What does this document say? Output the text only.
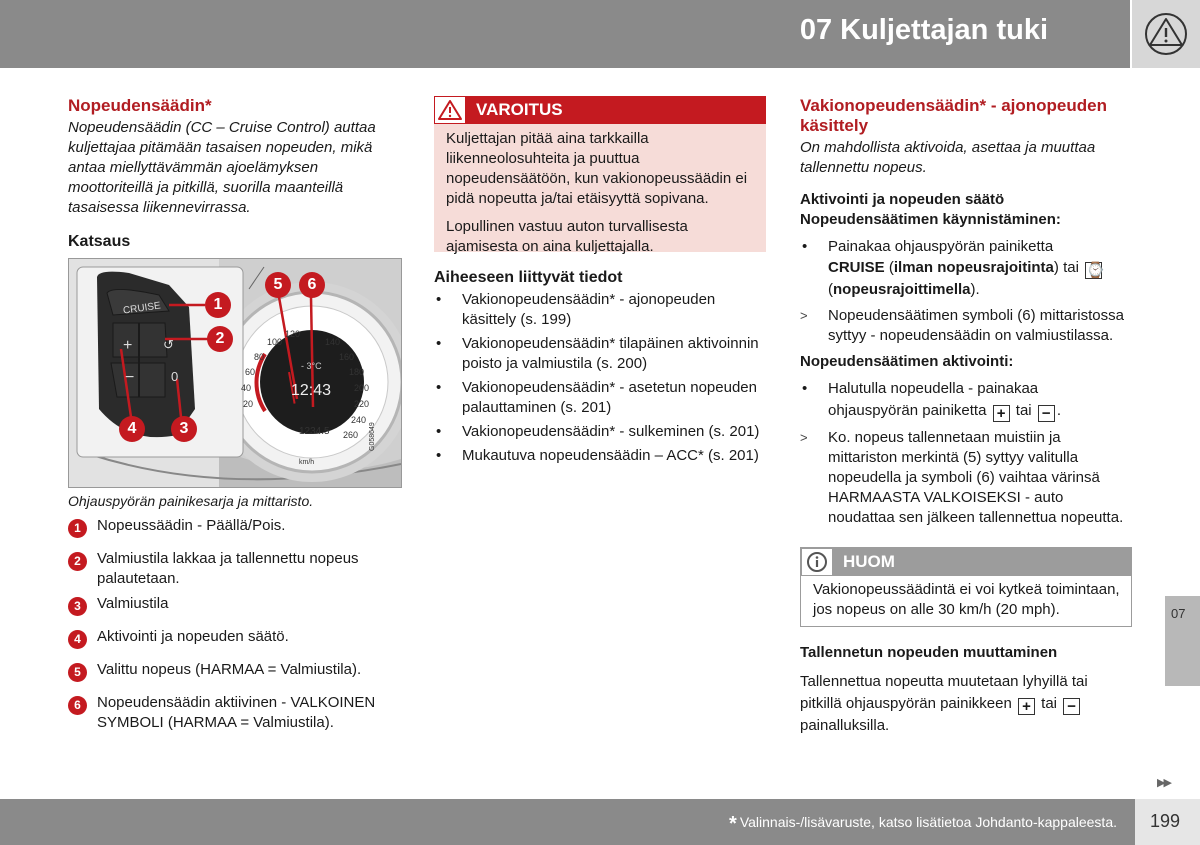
07 Kuljettajan tuki

Nopeudensäädin*

Nopeudensäädin (CC – Cruise Control) auttaa kuljettajaa pitämään tasaisen nopeuden, mikä antaa miellyttävämmän ajoelämyksen moottoriteillä ja pitkillä, suorilla maanteillä tasaisessa liikennevirrassa.

Katsaus

CRUISE
+ ↺
−	0
80
100
120
140
160
60	180
40	200
220
240
260
20
- 3°C
12:43
1234.5
km/h
G058649
1
2
3
4
5	6
Ohjauspyörän painikesarja ja mittaristo.
1	Nopeussäädin - Päällä/Pois.
2	Valmiustila lakkaa ja tallennettu nopeus palautetaan.
3	Valmiustila
4	Aktivointi ja nopeuden säätö.
5	Valittu nopeus (HARMAA = Valmiustila).
6	Nopeudensäädin aktiivinen - VALKOINEN SYMBOLI (HARMAA = Valmiustila).
VAROITUS

Kuljettajan pitää aina tarkkailla liikenneolosuhteita ja puuttua nopeudensäätöön, kun vakionopeussäädin ei pidä nopeutta ja/tai etäisyyttä sopivana.

Lopullinen vastuu auton turvallisesta ajamisesta on aina kuljettajalla.

Aiheeseen liittyvät tiedot

• Vakionopeudensäädin* - ajonopeuden käsittely (s. 199)
• Vakionopeudensäädin* tilapäinen aktivoinnin poisto ja valmiustila (s. 200)
• Vakionopeudensäädin* - asetetun nopeuden palauttaminen (s. 201)
• Vakionopeudensäädin* - sulkeminen (s. 201)
• Mukautuva nopeudensäädin – ACC* (s. 201)

Vakionopeudensäädin* - ajonopeuden käsittely

On mahdollista aktivoida, asettaa ja muuttaa tallennettu nopeus.

Aktivointi ja nopeuden säätö

Nopeudensäätimen käynnistäminen:

• Painakaa ohjauspyörän painiketta
CRUISE (ilman nopeusrajoitinta) tai ⌚
(nopeusrajoittimella).
> Nopeudensäätimen symboli (6) mittaristossa syttyy - nopeudensäädin on valmiustilassa.

Nopeudensäätimen aktivointi:

• Halutulla nopeudella - painakaa ohjauspyörän painiketta + tai − .
> Ko. nopeus tallennetaan muistiin ja mittariston merkintä (5) syttyy valitulla nopeudella ja symboli (6) vaihtaa värinsä HARMAASTA VALKOISEKSI - auto noudattaa sen jälkeen tallennettua nopeutta.
HUOM
Vakionopeussäädintä ei voi kytkeä toimintaan, jos nopeus on alle 30 km/h (20 mph).

Tallennetun nopeuden muuttaminen

Tallennettua nopeutta muutetaan lyhyillä tai pitkillä ohjauspyörän painikkeen + tai − painalluksilla.

07
▶▶
* Valinnais-/lisävaruste, katso lisätietoa Johdanto-kappaleesta. 199
